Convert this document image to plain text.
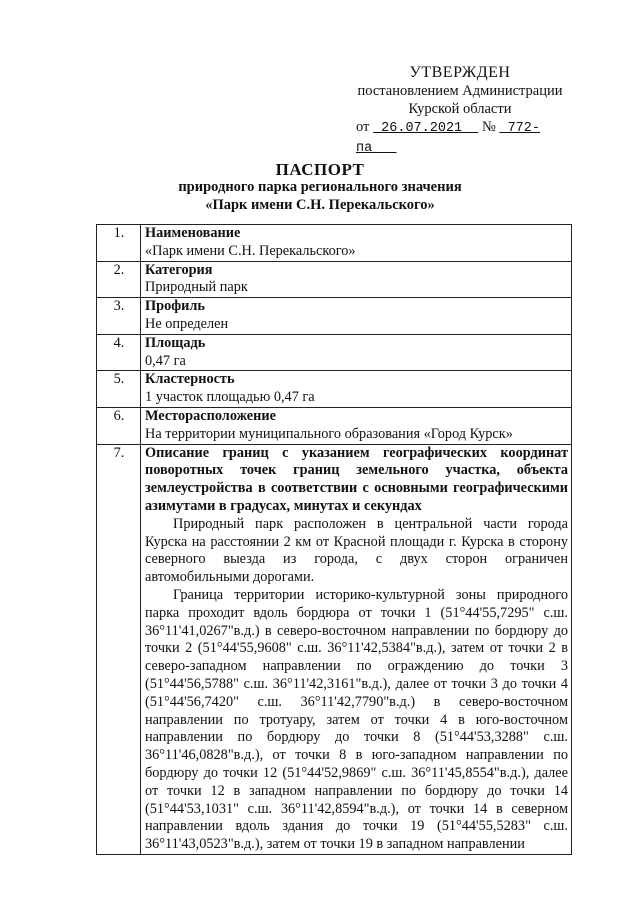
УТВЕРЖДЕН
постановлением Администрации
Курской области
от 26.07.2021 № 772-па
ПАСПОРТ
природного парка регионального значения
«Парк имени С.Н. Перекальского»
1.	Наименование
«Парк имени С.Н. Перекальского»

2.	Категория
Природный парк

3.	Профиль
Не определен

4.	Площадь
0,47 га

5.	Кластерность
1 участок площадью 0,47 га

6.	Месторасположение
На территории муниципального образования «Город Курск»

7.	Описание границ с указанием географических координат поворотных точек границ земельного участка, объекта землеустройства в соответствии с основными географическими азимутами в градусах, минутах и секундах

Природный парк расположен в центральной части города Курска на расстоянии 2 км от Красной площади г. Курска в сторону северного выезда из города, с двух сторон ограничен автомобильными дорогами.

Граница территории историко-культурной зоны природного парка проходит вдоль бордюра от точки 1 (51°44'55,7295" с.ш. 36°11'41,0267"в.д.) в северо-восточном направлении по бордюру до точки 2 (51°44'55,9608" с.ш. 36°11'42,5384"в.д.), затем от точки 2 в северо-западном направлении по ограждению до точки 3 (51°44'56,5788" с.ш. 36°11'42,3161"в.д.), далее от точки 3 до точки 4 (51°44'56,7420" с.ш. 36°11'42,7790"в.д.) в северо-восточном направлении по тротуару, затем от точки 4 в юго-восточном направлении по бордюру до точки 8 (51°44'53,3288" с.ш. 36°11'46,0828"в.д.), от точки 8 в юго-западном направлении по бордюру до точки 12 (51°44'52,9869" с.ш. 36°11'45,8554"в.д.), далее от точки 12 в западном направлении по бордюру до точки 14 (51°44'53,1031" с.ш. 36°11'42,8594"в.д.), от точки 14 в северном направлении вдоль здания до точки 19 (51°44'55,5283" с.ш. 36°11'43,0523"в.д.), затем от точки 19 в западном направлении
